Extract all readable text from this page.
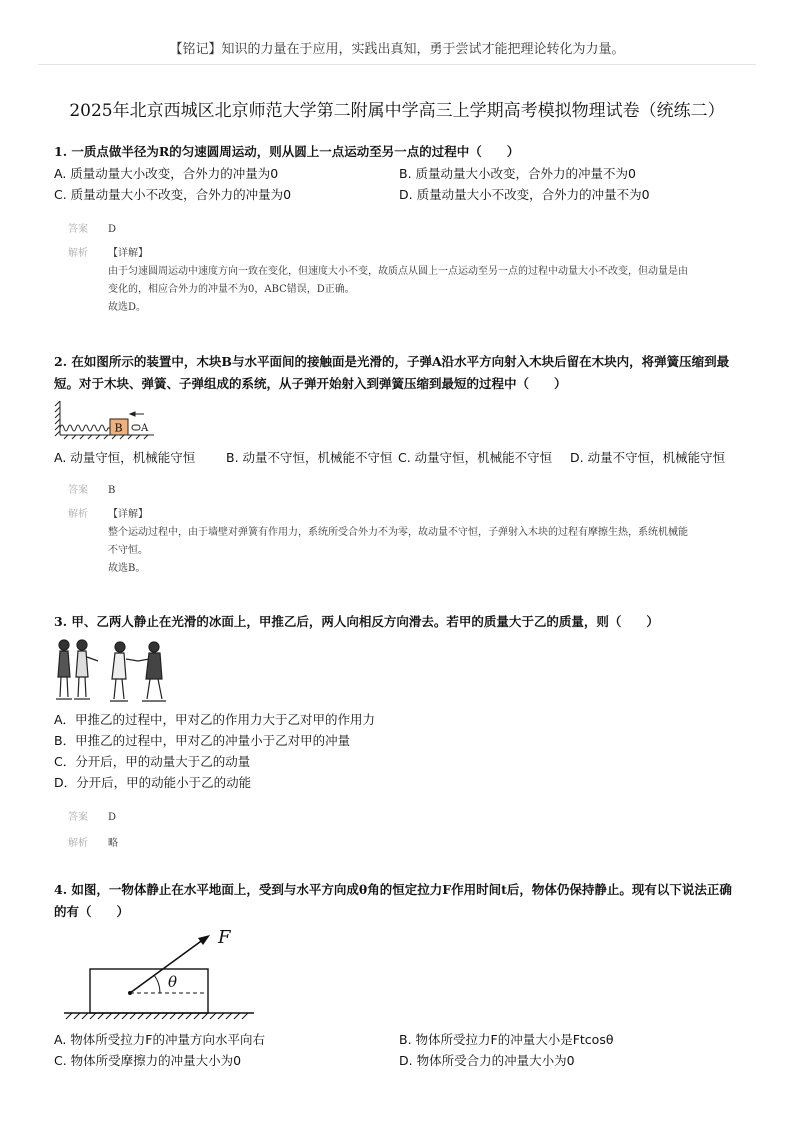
【铭记】知识的力量在于应用，实践出真知，勇于尝试才能把理论转化为力量。
2025年北京西城区北京师范大学第二附属中学高三上学期高考模拟物理试卷（统练二）
1. 一质点做半径为R的匀速圆周运动，则从圆上一点运动至另一点的过程中（　　）
A. 质量动量大小改变，合外力的冲量为0	B. 质量动量大小改变，合外力的冲量不为0
C. 质量动量大小不改变，合外力的冲量为0	D. 质量动量大小不改变，合外力的冲量不为0
答案	D
解析	【详解】
由于匀速圆周运动中速度方向一致在变化，但速度大小不变，故质点从圆上一点运动至另一点的过程中动量大小不改变，但动量是由
变化的，相应合外力的冲量不为0，ABC错误，D正确。
故选D。
2. 在如图所示的装置中，木块B与水平面间的接触面是光滑的，子弹A沿水平方向射入木块后留在木块内，将弹簧压缩到最短。对于木块、弹簧、子弹组成的系统，从子弹开始射入到弹簧压缩到最短的过程中（　　）
B A
A. 动量守恒，机械能守恒	B. 动量不守恒，机械能不守恒 C. 动量守恒，机械能不守恒	D. 动量不守恒，机械能守恒
答案	B
解析	【详解】
整个运动过程中，由于墙壁对弹簧有作用力，系统所受合外力不为零，故动量不守恒，子弹射入木块的过程有摩擦生热，系统机械能
不守恒。
故选B。
3. 甲、乙两人静止在光滑的冰面上，甲推乙后，两人向相反方向滑去。若甲的质量大于乙的质量，则（　　）
A．甲推乙的过程中，甲对乙的作用力大于乙对甲的作用力
B．甲推乙的过程中，甲对乙的冲量小于乙对甲的冲量
C．分开后，甲的动量大于乙的动量
D．分开后，甲的动能小于乙的动能
答案	D
解析	略
4. 如图，一物体静止在水平地面上，受到与水平方向成θ角的恒定拉力F作用时间t后，物体仍保持静止。现有以下说法正确的有（　　）
F
θ
A. 物体所受拉力F的冲量方向水平向右	B. 物体所受拉力F的冲量大小是Ftcosθ
C. 物体所受摩擦力的冲量大小为0	D. 物体所受合力的冲量大小为0
